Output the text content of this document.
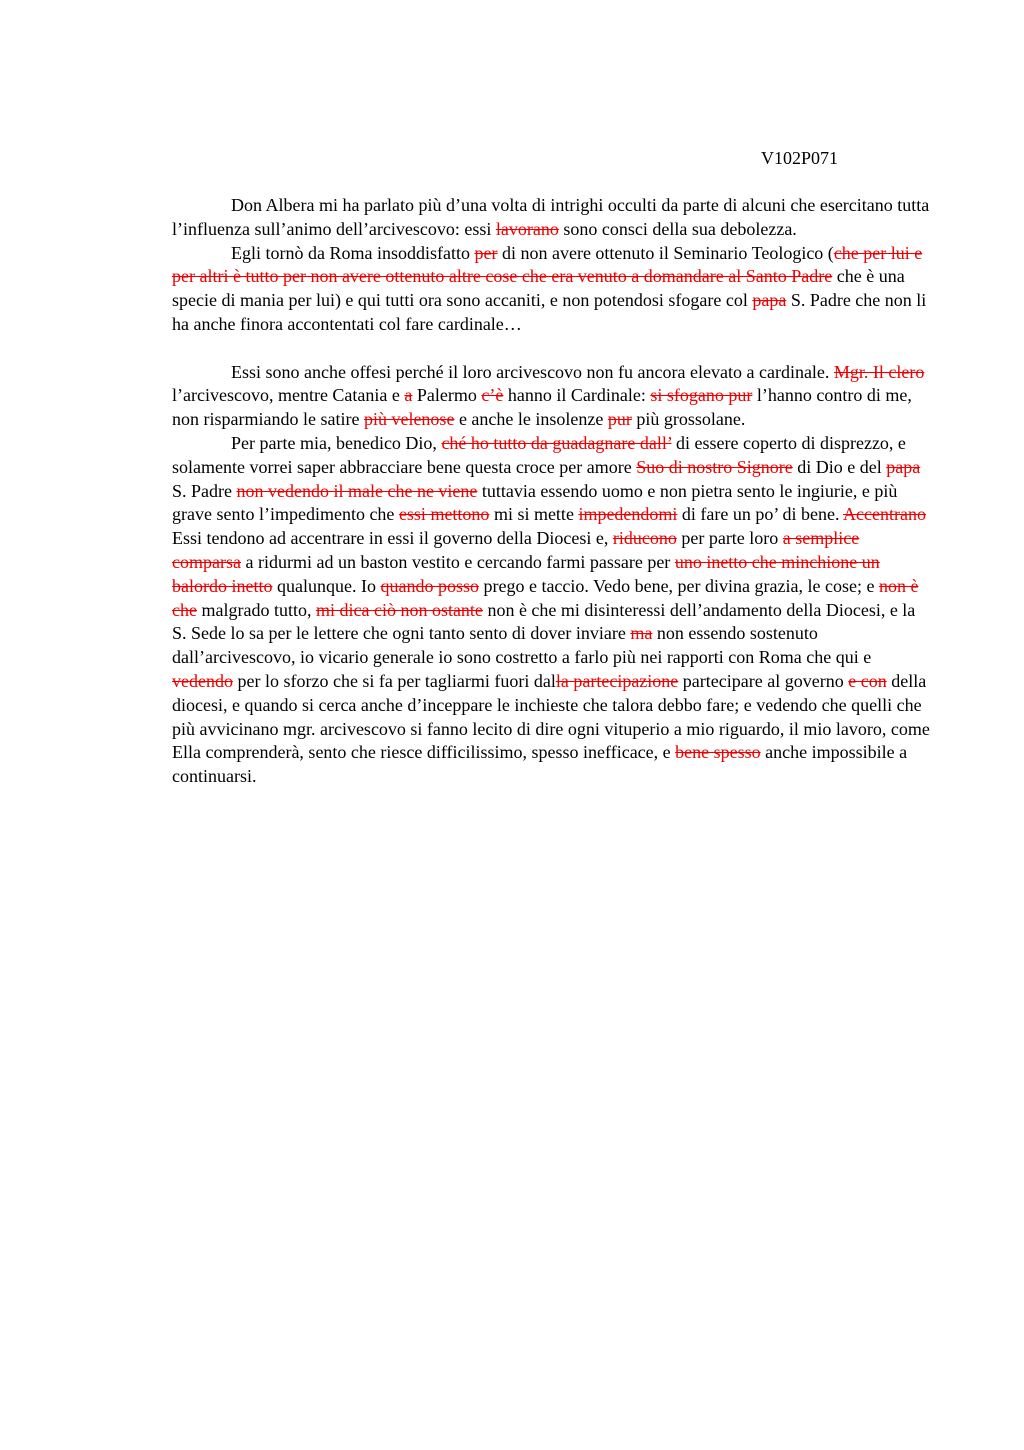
V102P071

Don Albera mi ha parlato più d’una volta di intrighi occulti da parte di alcuni che esercitano tutta l’influenza sull’animo dell’arcivescovo: essi lavorano sono consci della sua debolezza.

Egli tornò da Roma insoddisfatto per di non avere ottenuto il Seminario Teologico (che per lui e per altri è tutto per non avere ottenuto altre cose che era venuto a domandare al Santo Padre che è una specie di mania per lui) e qui tutti ora sono accaniti, e non potendosi sfogare col papa S. Padre che non li ha anche finora accontentati col fare cardinale…

Essi sono anche offesi perché il loro arcivescovo non fu ancora elevato a cardinale. Mgr. Il clero l’arcivescovo, mentre Catania e a Palermo c’è hanno il Cardinale: si sfogano pur l’hanno contro di me, non risparmiando le satire più velenose e anche le insolenze pur più grossolane.

Per parte mia, benedico Dio, ché ho tutto da guadagnare dall’ di essere coperto di disprezzo, e solamente vorrei saper abbracciare bene questa croce per amore Suo di nostro Signore di Dio e del papa S. Padre non vedendo il male che ne viene tuttavia essendo uomo e non pietra sento le ingiurie, e più grave sento l’impedimento che essi mettono mi si mette impedendomi di fare un po’ di bene. Accentrano Essi tendono ad accentrare in essi il governo della Diocesi e, riducono per parte loro a semplice comparsa a ridurmi ad un baston vestito e cercando farmi passare per uno inetto che minchione un balordo inetto qualunque. Io quando posso prego e taccio. Vedo bene, per divina grazia, le cose; e non è che malgrado tutto, mi dica ciò non ostante non è che mi disinteressi dell’andamento della Diocesi, e la S. Sede lo sa per le lettere che ogni tanto sento di dover inviare ma non essendo sostenuto dall’arcivescovo, io vicario generale io sono costretto a farlo più nei rapporti con Roma che qui e vedendo per lo sforzo che si fa per tagliarmi fuori dalla partecipazione partecipare al governo e con della diocesi, e quando si cerca anche d’inceppare le inchieste che talora debbo fare; e vedendo che quelli che più avvicinano mgr. arcivescovo si fanno lecito di dire ogni vituperio a mio riguardo, il mio lavoro, come Ella comprenderà, sento che riesce difficilissimo, spesso inefficace, e bene spesso anche impossibile a continuarsi.
